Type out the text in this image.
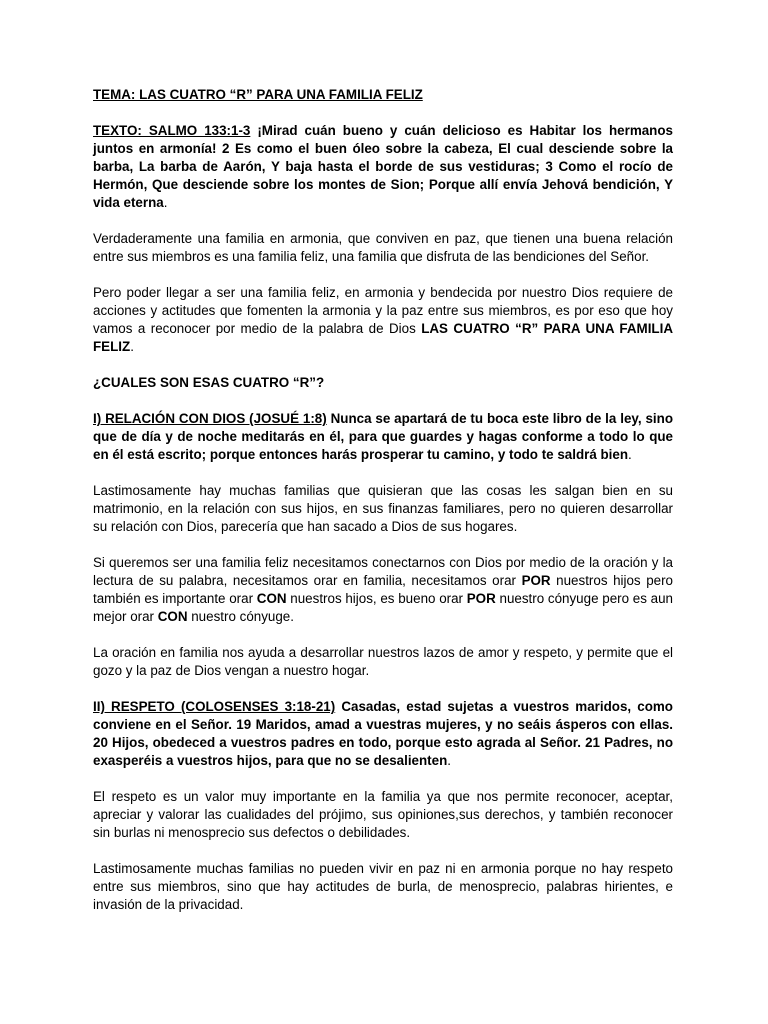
TEMA: LAS CUATRO “R” PARA UNA FAMILIA FELIZ

TEXTO: SALMO 133:1-3 ¡Mirad cuán bueno y cuán delicioso es Habitar los hermanos juntos en armonía! 2 Es como el buen óleo sobre la cabeza, El cual desciende sobre la barba, La barba de Aarón, Y baja hasta el borde de sus vestiduras; 3 Como el rocío de Hermón, Que desciende sobre los montes de Sion; Porque allí envía Jehová bendición, Y vida eterna.

Verdaderamente una familia en armonia, que conviven en paz, que tienen una buena relación entre sus miembros es una familia feliz, una familia que disfruta de las bendiciones del Señor.

Pero poder llegar a ser una familia feliz, en armonia y bendecida por nuestro Dios requiere de acciones y actitudes que fomenten la armonia y la paz entre sus miembros, es por eso que hoy vamos a reconocer por medio de la palabra de Dios LAS CUATRO “R” PARA UNA FAMILIA FELIZ.

¿CUALES SON ESAS CUATRO “R”?

I) RELACIÓN CON DIOS (JOSUÉ 1:8) Nunca se apartará de tu boca este libro de la ley, sino que de día y de noche meditarás en él, para que guardes y hagas conforme a todo lo que en él está escrito; porque entonces harás prosperar tu camino, y todo te saldrá bien.

Lastimosamente hay muchas familias que quisieran que las cosas les salgan bien en su matrimonio, en la relación con sus hijos, en sus finanzas familiares, pero no quieren desarrollar su relación con Dios, parecería que han sacado a Dios de sus hogares.

Si queremos ser una familia feliz necesitamos conectarnos con Dios por medio de la oración y la lectura de su palabra, necesitamos orar en familia, necesitamos orar POR nuestros hijos pero también es importante orar CON nuestros hijos, es bueno orar POR nuestro cónyuge pero es aun mejor orar CON nuestro cónyuge.

La oración en familia nos ayuda a desarrollar nuestros lazos de amor y respeto, y permite que el gozo y la paz de Dios vengan a nuestro hogar.

II) RESPETO (COLOSENSES 3:18-21) Casadas, estad sujetas a vuestros maridos, como conviene en el Señor. 19 Maridos, amad a vuestras mujeres, y no seáis ásperos con ellas. 20 Hijos, obedeced a vuestros padres en todo, porque esto agrada al Señor. 21 Padres, no exasperéis a vuestros hijos, para que no se desalienten.

El respeto es un valor muy importante en la familia ya que nos permite reconocer, aceptar, apreciar y valorar las cualidades del prójimo, sus opiniones,sus derechos, y también reconocer sin burlas ni menosprecio sus defectos o debilidades.

Lastimosamente muchas familias no pueden vivir en paz ni en armonia porque no hay respeto entre sus miembros, sino que hay actitudes de burla, de menosprecio, palabras hirientes, e invasión de la privacidad.
